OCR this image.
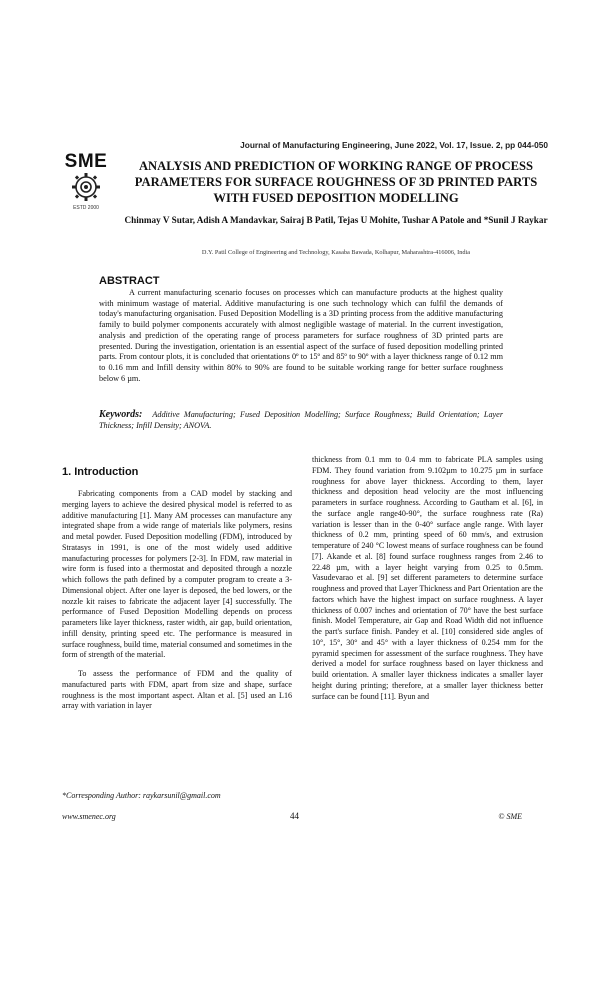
Journal of Manufacturing Engineering, June 2022, Vol. 17, Issue. 2, pp 044-050
SME
ESTD 2000
ANALYSIS AND PREDICTION OF WORKING RANGE OF PROCESS PARAMETERS FOR SURFACE ROUGHNESS OF 3D PRINTED PARTS WITH FUSED DEPOSITION MODELLING
Chinmay V Sutar, Adish A Mandavkar, Sairaj B Patil, Tejas U Mohite, Tushar A Patole and *Sunil J Raykar
D.Y. Patil College of Engineering and Technology, Kasaba Bawada, Kolhapur, Maharashtra-416006, India
ABSTRACT

A current manufacturing scenario focuses on processes which can manufacture products at the highest quality with minimum wastage of material. Additive manufacturing is one such technology which can fulfil the demands of today's manufacturing organisation. Fused Deposition Modelling is a 3D printing process from the additive manufacturing family to build polymer components accurately with almost negligible wastage of material. In the current investigation, analysis and prediction of the operating range of process parameters for surface roughness of 3D printed parts are presented. During the investigation, orientation is an essential aspect of the surface of fused deposition modelling printed parts. From contour plots, it is concluded that orientations 0º to 15º and 85º to 90º with a layer thickness range of 0.12 mm to 0.16 mm and Infill density within 80% to 90% are found to be suitable working range for better surface roughness below 6 µm.

Keywords: Additive Manufacturing; Fused Deposition Modelling; Surface Roughness; Build Orientation; Layer Thickness; Infill Density; ANOVA.

1. Introduction

Fabricating components from a CAD model by stacking and merging layers to achieve the desired physical model is referred to as additive manufacturing [1]. Many AM processes can manufacture any integrated shape from a wide range of materials like polymers, resins and metal powder. Fused Deposition modelling (FDM), introduced by Stratasys in 1991, is one of the most widely used additive manufacturing processes for polymers [2-3]. In FDM, raw material in wire form is fused into a thermostat and deposited through a nozzle which follows the path defined by a computer program to create a 3-Dimensional object. After one layer is deposed, the bed lowers, or the nozzle kit raises to fabricate the adjacent layer [4] successfully. The performance of Fused Deposition Modelling depends on process parameters like layer thickness, raster width, air gap, build orientation, infill density, printing speed etc. The performance is measured in surface roughness, build time, material consumed and sometimes in the form of strength of the material.

To assess the performance of FDM and the quality of manufactured parts with FDM, apart from size and shape, surface roughness is the most important aspect. Altan et al. [5] used an L16 array with variation in layer

thickness from 0.1 mm to 0.4 mm to fabricate PLA samples using FDM. They found variation from 9.102µm to 10.275 µm in surface roughness for above layer thickness. According to them, layer thickness and deposition head velocity are the most influencing parameters in surface roughness. According to Gautham et al. [6], in the surface angle range40-90°, the surface roughness rate (Ra) variation is lesser than in the 0-40° surface angle range. With layer thickness of 0.2 mm, printing speed of 60 mm/s, and extrusion temperature of 240 °C lowest means of surface roughness can be found [7]. Akande et al. [8] found surface roughness ranges from 2.46 to 22.48 µm, with a layer height varying from 0.25 to 0.5mm. Vasudevarao et al. [9] set different parameters to determine surface roughness and proved that Layer Thickness and Part Orientation are the factors which have the highest impact on surface roughness. A layer thickness of 0.007 inches and orientation of 70° have the best surface finish. Model Temperature, air Gap and Road Width did not influence the part's surface finish. Pandey et al. [10] considered side angles of 10°, 15°, 30° and 45° with a layer thickness of 0.254 mm for the pyramid specimen for assessment of the surface roughness. They have derived a model for surface roughness based on layer thickness and build orientation. A smaller layer thickness indicates a smaller layer height during printing; therefore, at a smaller layer thickness better surface can be found [11]. Byun and

*Corresponding Author: raykarsunil@gmail.com
www.smenec.org	44	© SME
